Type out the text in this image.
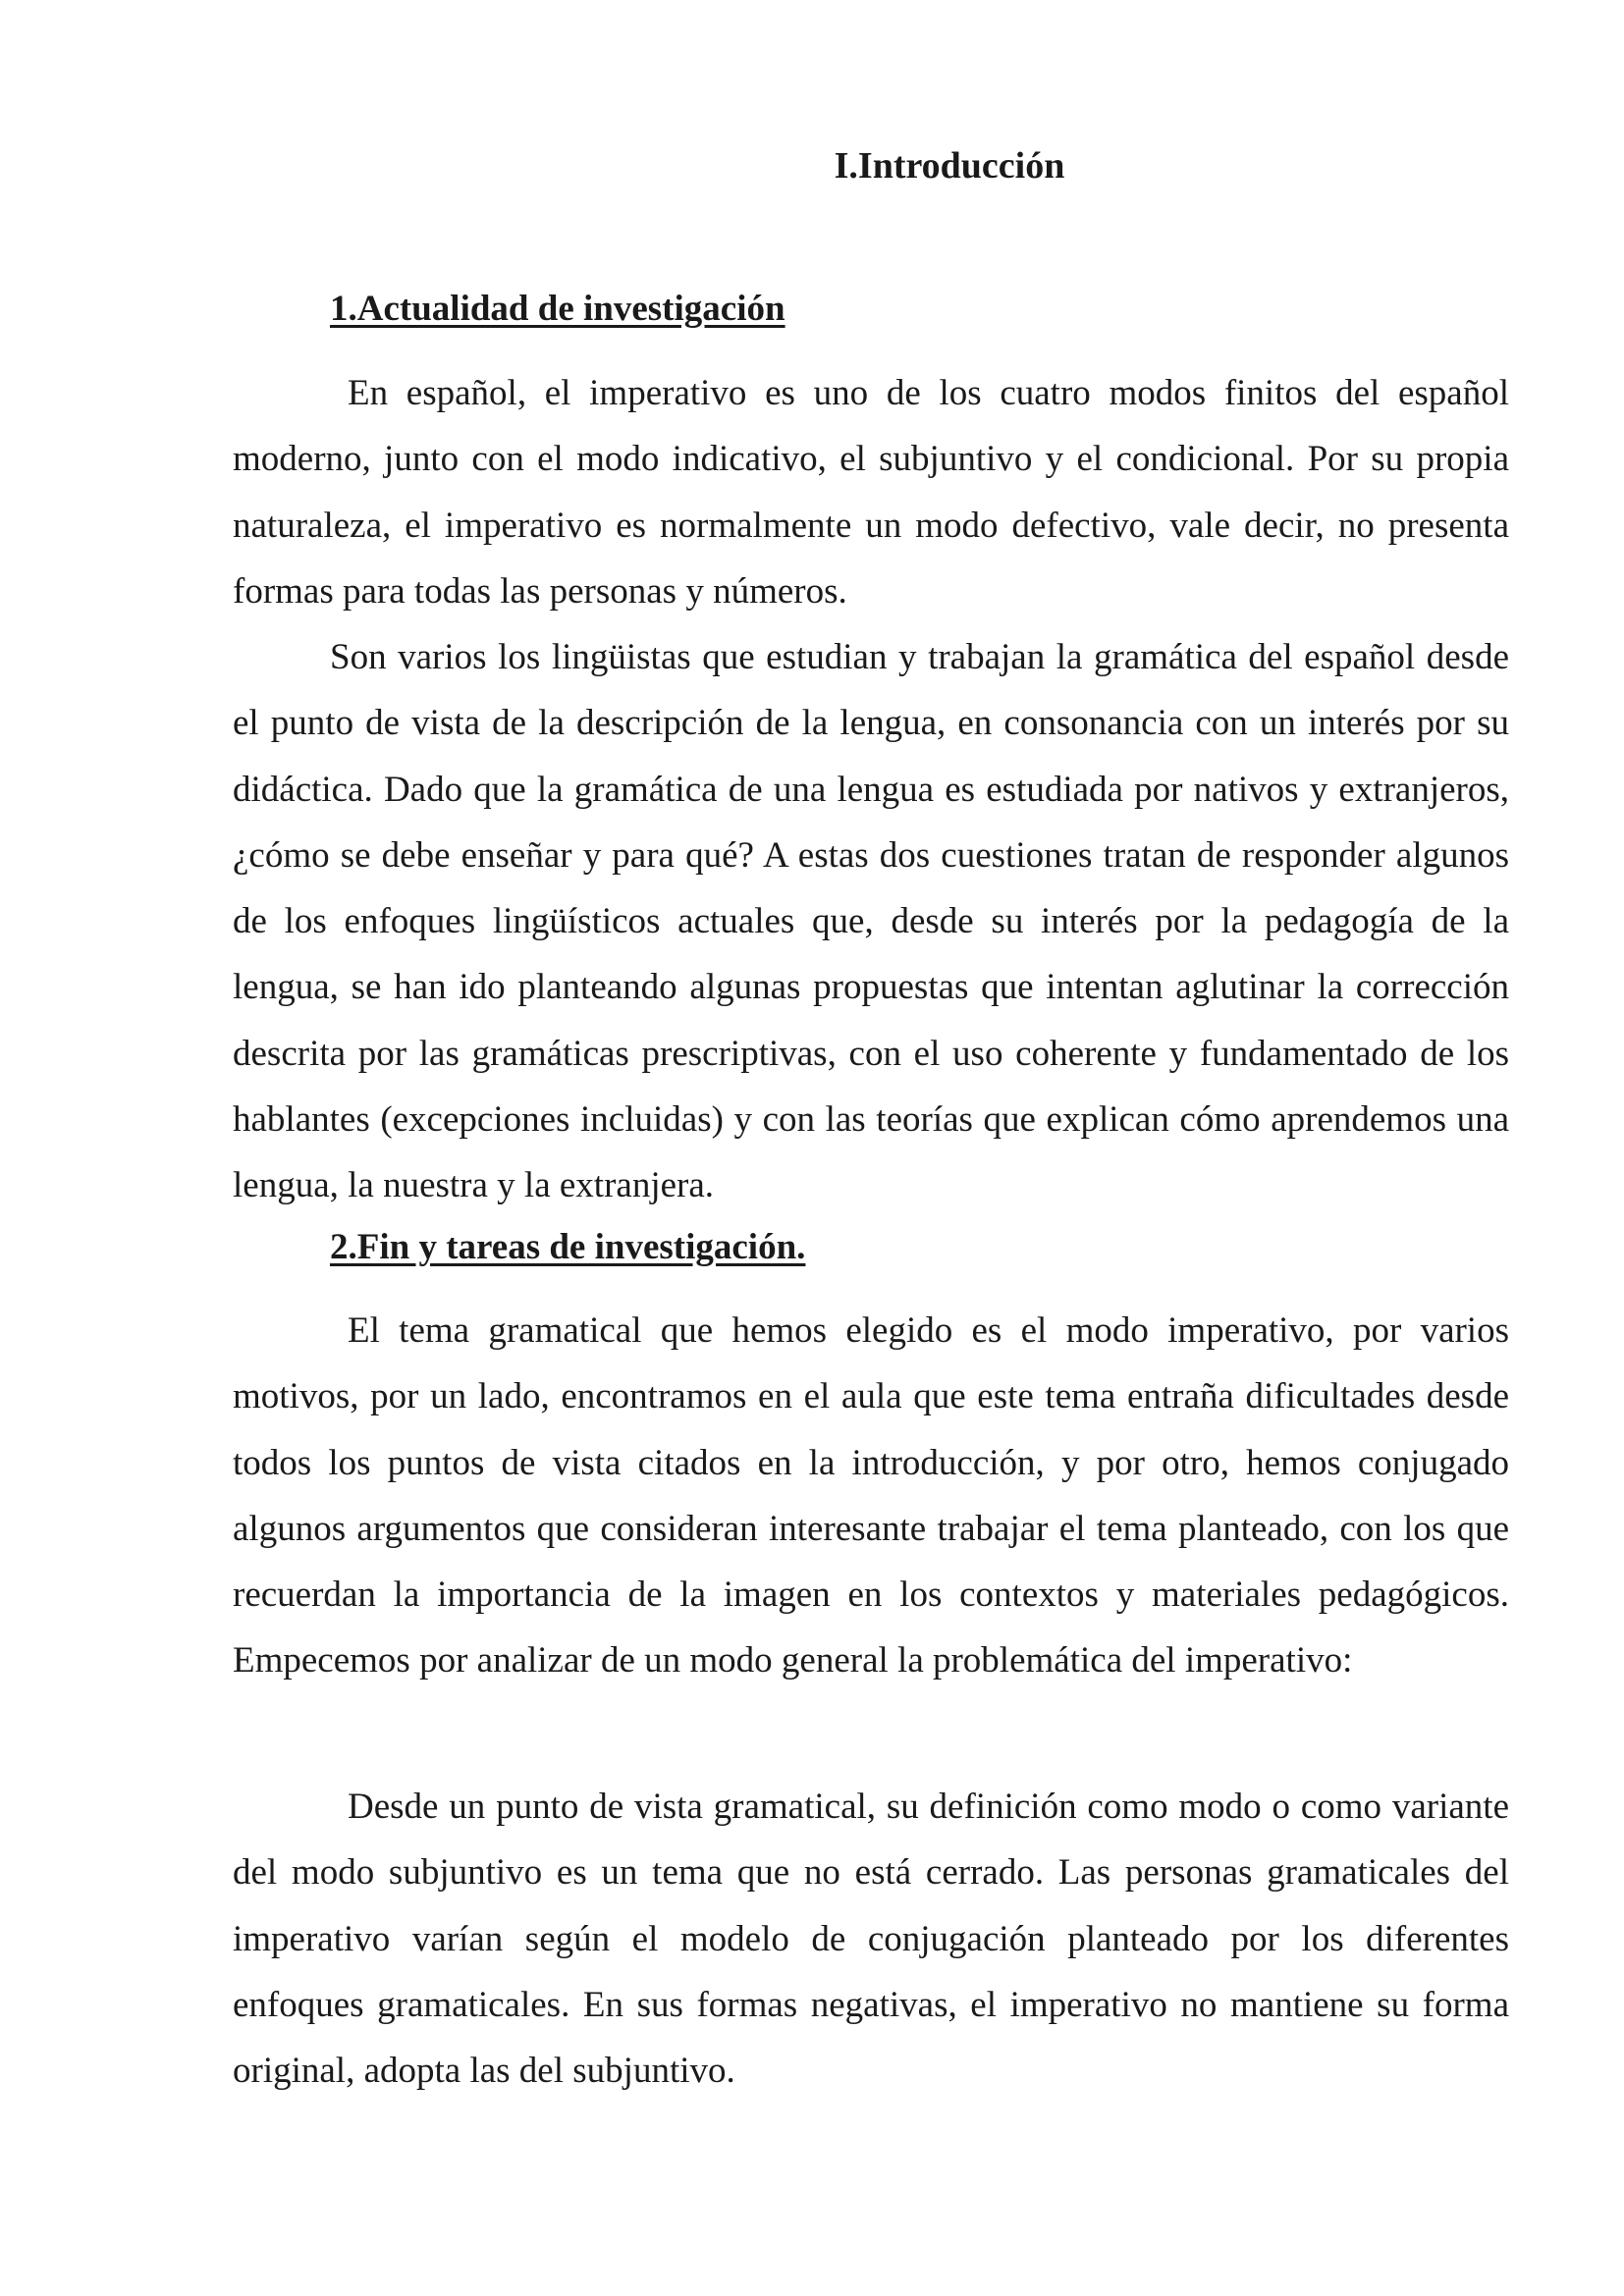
I.Introducción
1.Actualidad de investigación

En español, el imperativo es uno de los cuatro modos finitos del español moderno, junto con el modo indicativo, el subjuntivo y el condicional. Por su propia naturaleza, el imperativo es normalmente un modo defectivo, vale decir, no presenta formas para todas las personas y números.

Son varios los lingüistas que estudian y trabajan la gramática del español desde el punto de vista de la descripción de la lengua, en consonancia con un interés por su didáctica. Dado que la gramática de una lengua es estudiada por nativos y extranjeros, ¿cómo se debe enseñar y para qué? A estas dos cuestiones tratan de responder algunos de los enfoques lingüísticos actuales que, desde su interés por la pedagogía de la lengua, se han ido planteando algunas propuestas que intentan aglutinar la corrección descrita por las gramáticas prescriptivas, con el uso coherente y fundamentado de los hablantes (excepciones incluidas) y con las teorías que explican cómo aprendemos una lengua, la nuestra y la extranjera.

2.Fin y tareas de investigación.

El tema gramatical que hemos elegido es el modo imperativo, por varios motivos, por un lado, encontramos en el aula que este tema entraña dificultades desde todos los puntos de vista citados en la introducción, y por otro, hemos conjugado algunos argumentos que consideran interesante trabajar el tema planteado, con los que recuerdan la importancia de la imagen en los contextos y materiales pedagógicos. Empecemos por analizar de un modo general la problemática del imperativo:

Desde un punto de vista gramatical, su definición como modo o como variante del modo subjuntivo es un tema que no está cerrado. Las personas gramaticales del imperativo varían según el modelo de conjugación planteado por los diferentes enfoques gramaticales. En sus formas negativas, el imperativo no mantiene su forma original, adopta las del subjuntivo.
